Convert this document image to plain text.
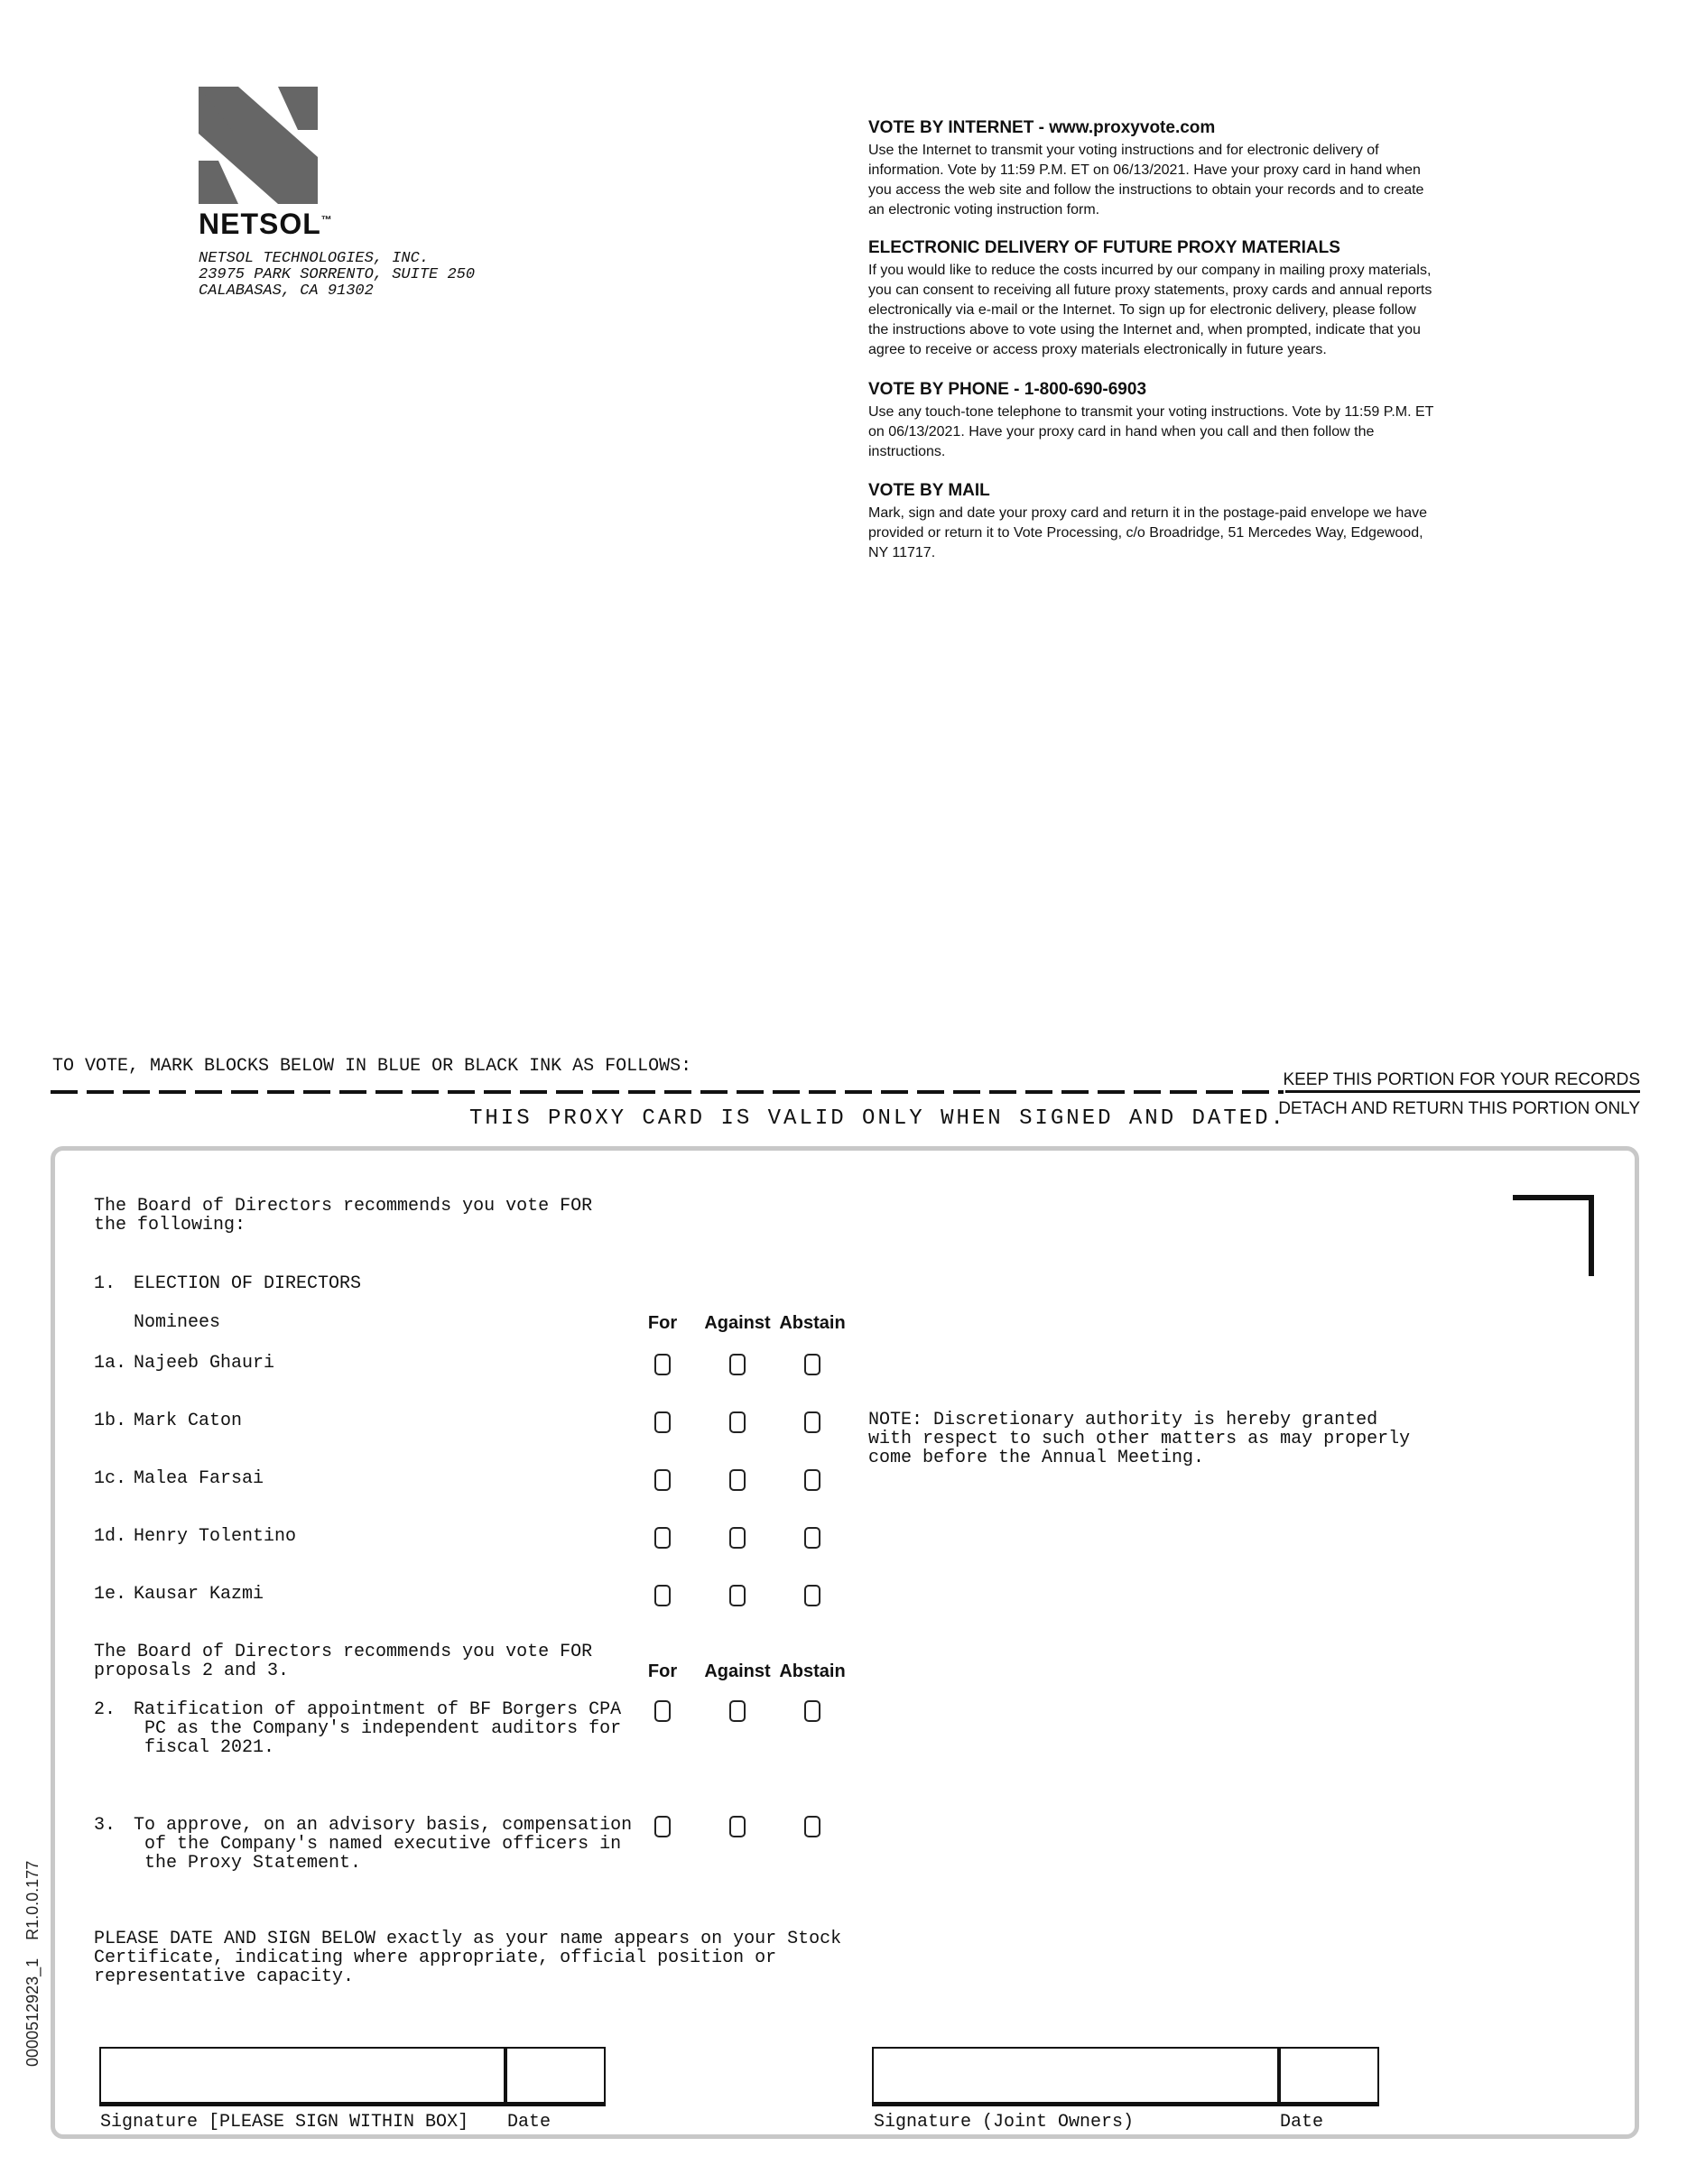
NETSOL™
NETSOL TECHNOLOGIES, INC.
23975 PARK SORRENTO, SUITE 250
CALABASAS, CA 91302
VOTE BY INTERNET - www.proxyvote.com

Use the Internet to transmit your voting instructions and for electronic delivery of

information. Vote by 11:59 P.M. ET on 06/13/2021. Have your proxy card in hand when

you access the web site and follow the instructions to obtain your records and to create

an electronic voting instruction form.

ELECTRONIC DELIVERY OF FUTURE PROXY MATERIALS

If you would like to reduce the costs incurred by our company in mailing proxy materials,

you can consent to receiving all future proxy statements, proxy cards and annual reports

electronically via e-mail or the Internet. To sign up for electronic delivery, please follow

the instructions above to vote using the Internet and, when prompted, indicate that you

agree to receive or access proxy materials electronically in future years.

VOTE BY PHONE - 1-800-690-6903

Use any touch-tone telephone to transmit your voting instructions. Vote by 11:59 P.M. ET

on 06/13/2021. Have your proxy card in hand when you call and then follow the

instructions.

VOTE BY MAIL

Mark, sign and date your proxy card and return it in the postage-paid envelope we have

provided or return it to Vote Processing, c/o Broadridge, 51 Mercedes Way, Edgewood,

NY 11717.

TO VOTE, MARK BLOCKS BELOW IN BLUE OR BLACK INK AS FOLLOWS:
KEEP THIS PORTION FOR YOUR RECORDS
DETACH AND RETURN THIS PORTION ONLY
THIS PROXY CARD IS VALID ONLY WHEN SIGNED AND DATED.
The Board of Directors recommends you vote FOR
the following:
1. ELECTION OF DIRECTORS
Nominees	For	Against Abstain
1a. Najeeb Ghauri
1b. Mark Caton
1c. Malea Farsai
1d. Henry Tolentino
1e. Kausar Kazmi
NOTE: Discretionary authority is hereby granted
with respect to such other matters as may properly
come before the Annual Meeting.
The Board of Directors recommends you vote FOR
proposals 2 and 3.	For	Against Abstain
2. Ratification of appointment of BF Borgers CPA
PC as the Company's independent auditors for
fiscal 2021.
3. To approve, on an advisory basis, compensation
of the Company's named executive officers in
the Proxy Statement.
PLEASE DATE AND SIGN BELOW exactly as your name appears on your Stock
Certificate, indicating where appropriate, official position or
representative capacity.
Signature [PLEASE SIGN WITHIN BOX] Date	Signature (Joint Owners)	Date
0000512923_1    R1.0.0.177
